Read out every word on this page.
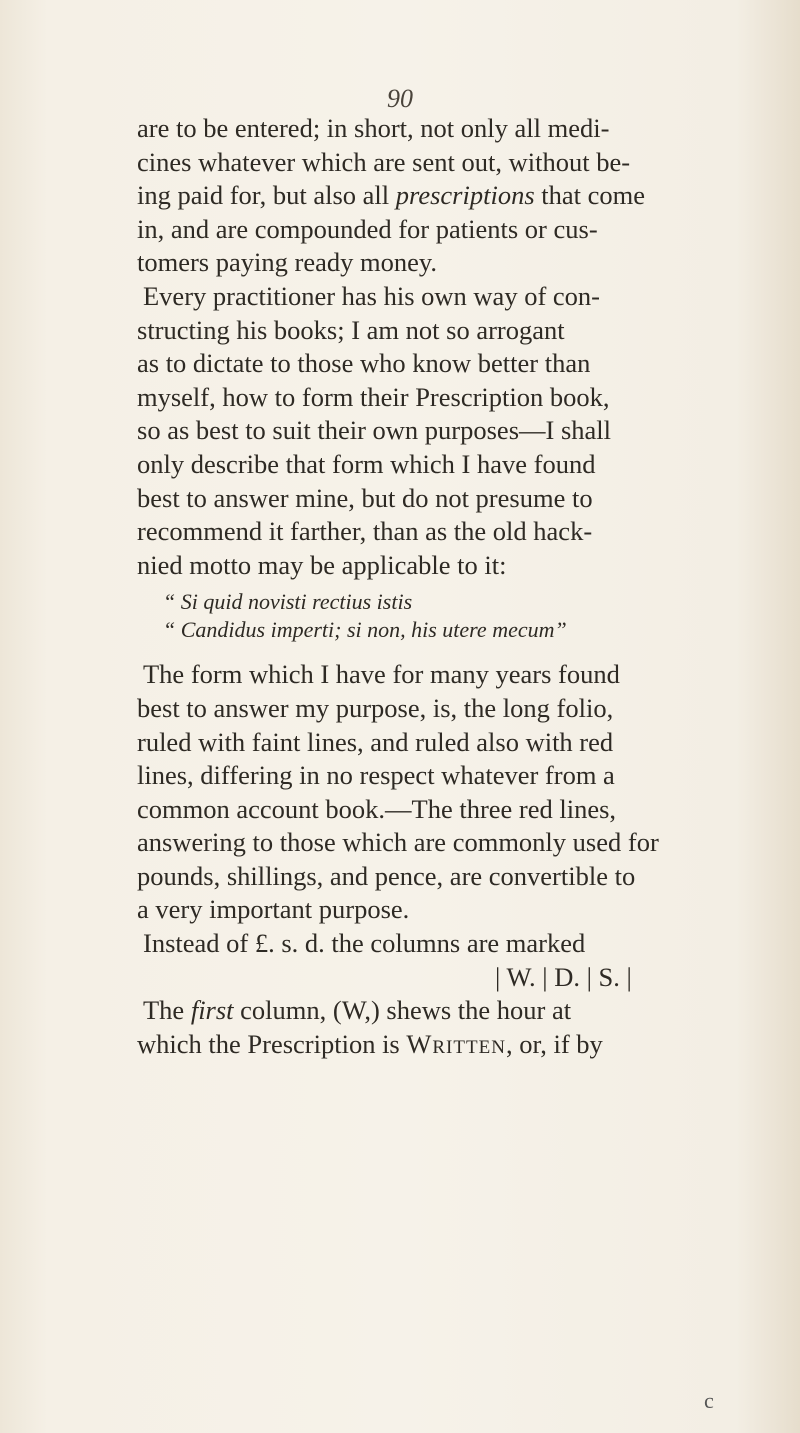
90
are to be entered; in short, not only all medi-
cines whatever which are sent out, without be-
ing paid for, but also all prescriptions that come
in, and are compounded for patients or cus-
tomers paying ready money.
Every practitioner has his own way of con-
structing his books; I am not so arrogant
as to dictate to those who know better than
myself, how to form their Prescription book,
so as best to suit their own purposes—I shall
only describe that form which I have found
best to answer mine, but do not presume to
recommend it farther, than as the old hack-
nied motto may be applicable to it:
“ Si quid novisti rectius istis
“ Candidus imperti; si non, his utere mecum”
The form which I have for many years found
best to answer my purpose, is, the long folio,
ruled with faint lines, and ruled also with red
lines, differing in no respect whatever from a
common account book.—The three red lines,
answering to those which are commonly used for
pounds, shillings, and pence, are convertible to
a very important purpose.
Instead of £. s. d. the columns are marked
| W. | D. | S. |
The first column, (W,) shews the hour at
which the Prescription is Written, or, if by
c
